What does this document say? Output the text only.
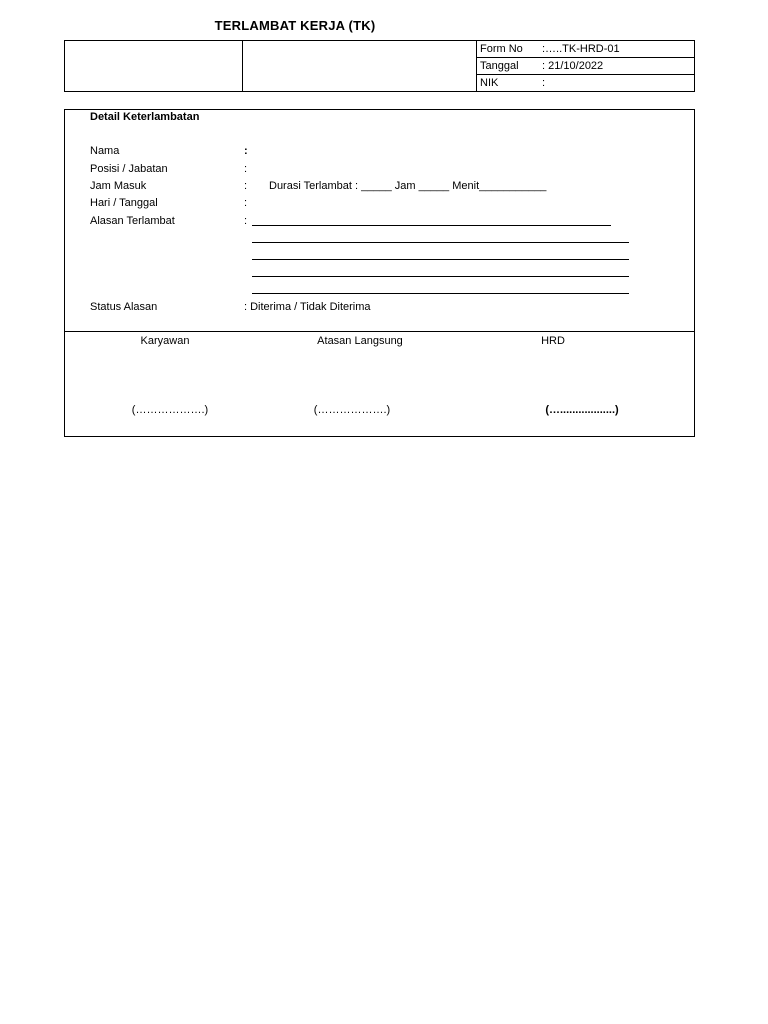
TERLAMBAT KERJA (TK)
Form No :…..TK-HRD-01
Tanggal : 21/10/2022
NIK	:
Detail Keterlambatan
Nama	:
Posisi / Jabatan	:
Jam Masuk	: Durasi Terlambat : _____ Jam _____ Menit___________
Hari / Tanggal	:
Alasan Terlambat	:
Status Alasan	: Diterima / Tidak Diterima
Karyawan	Atasan Langsung	HRD
(……………….)	(……………….)	(…..................)
